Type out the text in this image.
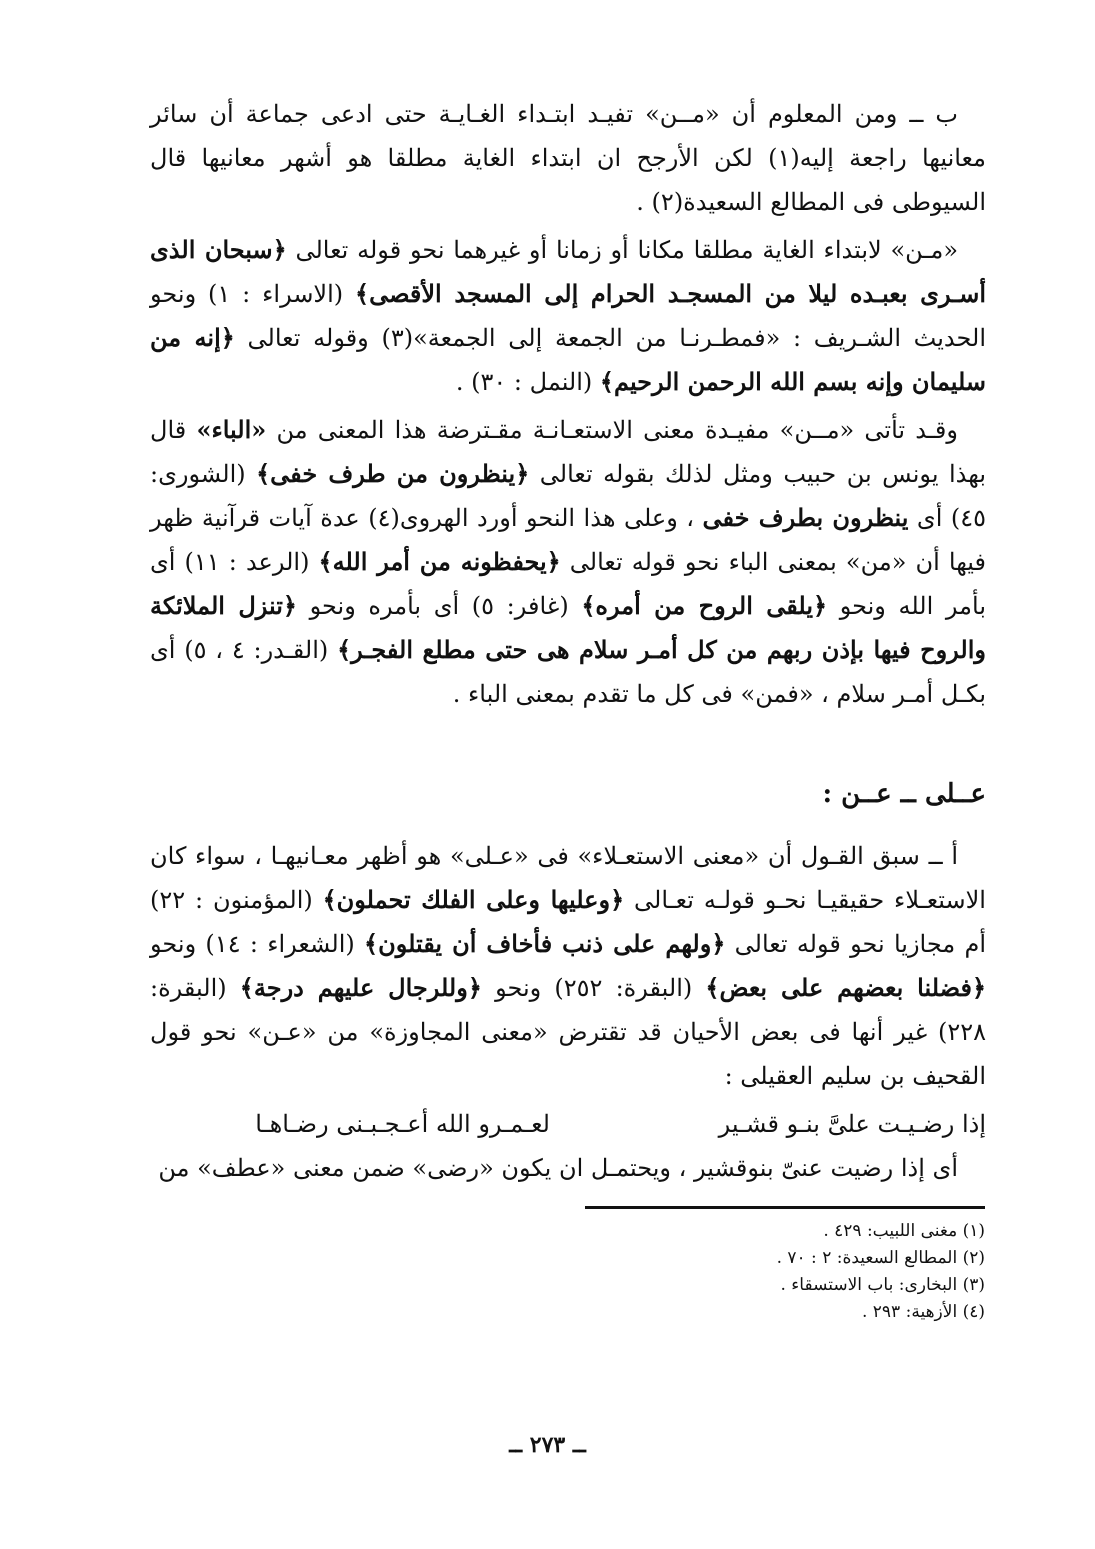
ب ــ ومن المعلوم أن «مــن» تفيـد ابتـداء الغـايـة حتى ادعى جماعة أن سائر معانيها راجعة إليه(١) لكن الأرجح ان ابتداء الغاية مطلقا هو أشهر معانيها قال السيوطى فى المطالع السعيدة(٢) .

«مـن» لابتداء الغاية مطلقا مكانا أو زمانا أو غيرهما نحو قوله تعالى ﴿سبحان الذى أسـرى بعبـده ليلا من المسجـد الحرام إلى المسجد الأقصى﴾ (الاسراء : ١) ونحو الحديث الشـريف : «فمطـرنـا من الجمعة إلى الجمعة»(٣) وقوله تعالى ﴿إنه من سليمان وإنه بسم الله الرحمن الرحيم﴾ (النمل : ٣٠) .

وقـد تأتى «مــن» مفيـدة معنى الاستعـانـة مقـترضة هذا المعنى من «الباء» قال بهذا يونس بن حبيب ومثل لذلك بقوله تعالى ﴿ينظرون من طرف خفى﴾ (الشورى: ٤٥) أى ينظرون بطرف خفى ، وعلى هذا النحو أورد الهروى(٤) عدة آيات قرآنية ظهر فيها أن «من» بمعنى الباء نحو قوله تعالى ﴿يحفظونه من أمر الله﴾ (الرعد : ١١) أى بأمر الله ونحو ﴿يلقى الروح من أمره﴾ (غافر: ٥) أى بأمره ونحو ﴿تنزل الملائكة والروح فيها بإذن ربهم من كل أمـر سلام هى حتى مطلع الفجـر﴾ (القـدر: ٤ ، ٥) أى بكـل أمـر سلام ، «فمن» فى كل ما تقدم بمعنى الباء .

عــلى ــ عــن :

أ ــ سبق القـول أن «معنى الاستعـلاء» فى «عـلى» هو أظهر معـانيهـا ، سواء كان الاستعـلاء حقيقيـا نحـو قولـه تعـالى ﴿وعليها وعلى الفلك تحملون﴾ (المؤمنون : ٢٢) أم مجازيا نحو قوله تعالى ﴿ولهم على ذنب فأخاف أن يقتلون﴾ (الشعراء : ١٤) ونحو ﴿فضلنا بعضهم على بعض﴾ (البقرة: ٢٥٢) ونحو ﴿وللرجال عليهم درجة﴾ (البقرة: ٢٢٨) غير أنها فى بعض الأحيان قد تقترض «معنى المجاوزة» من «عـن» نحو قول القحيف بن سليم العقيلى :

إذا رضـيـت علىَّ بنـو قشـير
لعـمـرو الله أعـجـبـنى رضـاهـا

أى إذا رضيت عنىّ بنوقشير ، ويحتمـل ان يكون «رضى» ضمن معنى «عطف» من

(١) مغنى اللبيب: ٤٢٩ .
(٢) المطالع السعيدة: ٢ : ٧٠ .
(٣) البخارى: باب الاستسقاء .
(٤) الأزهية: ٢٩٣ .
ــ ٢٧٣ ــ
